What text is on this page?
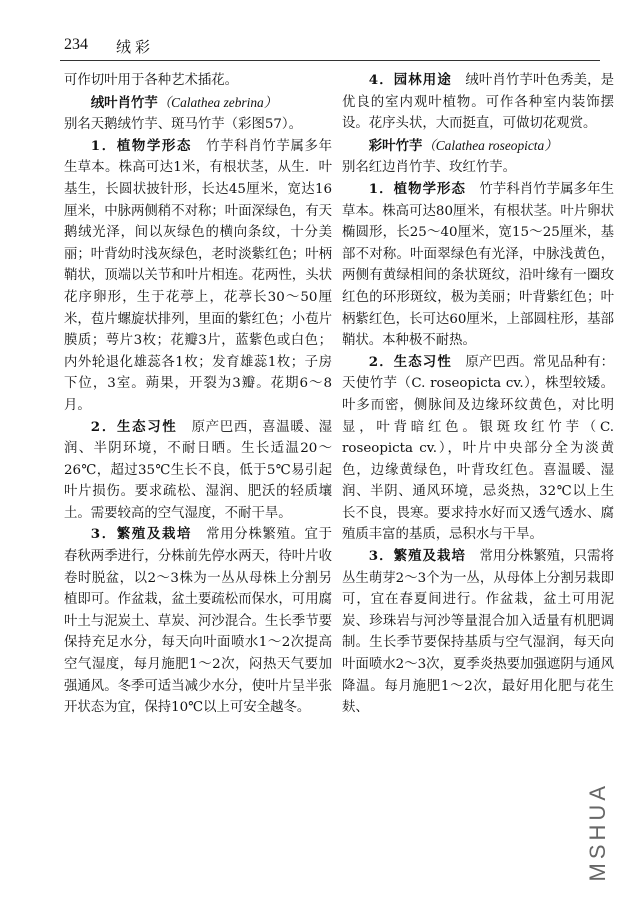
234 绒彩

可作切叶用于各种艺术插花。

绒叶肖竹芋（Calathea zebrina）

别名天鹅绒竹芋、斑马竹芋（彩图57）。

1．植物学形态　 竹芋科肖竹芋属多年生草本。株高可达1米，有根状茎，从生．叶基生，长圆状披针形，长达45厘米，宽达16厘米，中脉两侧稍不对称；叶面深绿色，有天鹅绒光泽，间以灰绿色的横向条纹，十分美丽；叶背幼时浅灰绿色，老时淡紫红色；叶柄鞘状，顶端以关节和叶片相连。花两性，头状花序卵形，生于花葶上，花葶长30～50厘米，苞片螺旋状排列，里面的紫红色；小苞片膜质；萼片3枚；花瓣3片，蓝紫色或白色；内外轮退化雄蕊各1枚；发育雄蕊1枚；子房下位，3室。蒴果，开裂为3瓣。花期6～8月。

2．生态习性　 原产巴西，喜温暖、湿润、半阴环境，不耐日晒。生长适温20～26℃，超过35℃生长不良，低于5℃易引起叶片损伤。要求疏松、湿润、肥沃的轻质壤土。需要较高的空气湿度，不耐干旱。

3．繁殖及栽培　 常用分株繁殖。宜于春秋两季进行，分株前先停水两天，待叶片收卷时脱盆，以2～3株为一丛从母株上分割另植即可。作盆栽，盆土要疏松而保水，可用腐叶土与泥炭土、草炭、河沙混合。生长季节要保持充足水分，每天向叶面喷水1～2次提高空气湿度，每月施肥1～2次，闷热天气要加强通风。冬季可适当减少水分，使叶片呈半张开状态为宜，保持10℃以上可安全越冬。

4．园林用途　 绒叶肖竹芋叶色秀美，是优良的室内观叶植物。可作各种室内装饰摆设。花序头状，大而挺直，可做切花观赏。

彩叶竹芋（Calathea roseopicta）

别名红边肖竹芋、玫红竹芋。

1．植物学形态　 竹芋科肖竹芋属多年生草本。株高可达80厘米，有根状茎。叶片卵状椭圆形，长25～40厘米，宽15～25厘米，基部不对称。叶面翠绿色有光泽，中脉浅黄色，两侧有黄绿相间的条状斑纹，沿叶缘有一圈玫红色的环形斑纹，极为美丽；叶背紫红色；叶柄紫红色，长可达60厘米，上部圆柱形，基部鞘状。本种极不耐热。

2．生态习性　 原产巴西。常见品种有：天使竹芋（C. roseopicta cv.），株型较矮。叶多而密，侧脉间及边缘环纹黄色，对比明显，叶背暗红色。银斑玫红竹芋（C. roseopicta cv.），叶片中央部分全为淡黄色，边缘黄绿色，叶背玫红色。喜温暖、湿润、半阴、通风环境，忌炎热，32℃以上生长不良，畏寒。要求持水好而又透气透水、腐殖质丰富的基质，忌积水与干旱。

3．繁殖及栽培　 常用分株繁殖，只需将丛生萌芽2～3个为一丛，从母体上分割另栽即可，宜在春夏间进行。作盆栽，盆土可用泥炭、珍珠岩与河沙等量混合加入适量有机肥调制。生长季节要保持基质与空气湿润，每天向叶面喷水2～3次，夏季炎热要加强遮阴与通风降温。每月施肥1～2次，最好用化肥与花生麸、

MSHUA
